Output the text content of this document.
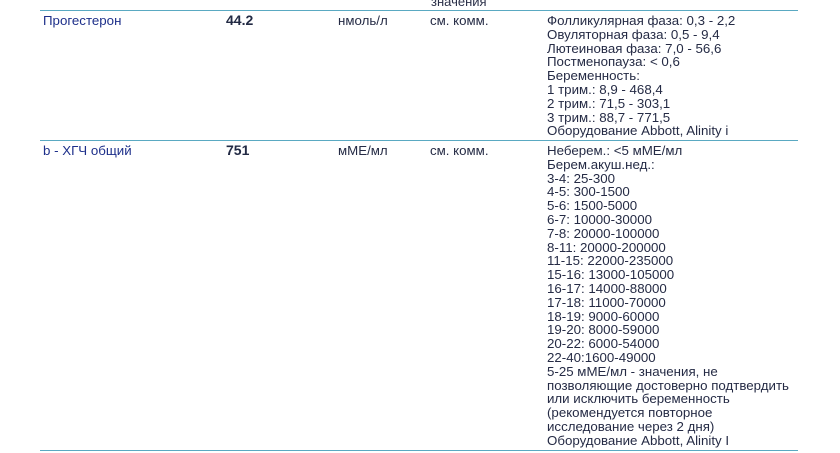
значения
Прогестерон	44.2	нмоль/л	см. комм.	Фолликулярная фаза: 0,3 - 2,2
Овуляторная фаза: 0,5 - 9,4
Лютеиновая фаза: 7,0 - 56,6
Постменопауза: < 0,6
Беременность:
1 трим.: 8,9 - 468,4
2 трим.: 71,5 - 303,1
3 трим.: 88,7 - 771,5
Оборудование Abbott, Alinity i
b - ХГЧ общий	751	мМЕ/мл	см. комм.	Неберем.: <5 мМЕ/мл
Берем.акуш.нед.:
3-4: 25-300
4-5: 300-1500
5-6: 1500-5000
6-7: 10000-30000
7-8: 20000-100000
8-11: 20000-200000
11-15: 22000-235000
15-16: 13000-105000
16-17: 14000-88000
17-18: 11000-70000
18-19: 9000-60000
19-20: 8000-59000
20-22: 6000-54000
22-40:1600-49000
5-25 мМЕ/мл - значения, не
позволяющие достоверно подтвердить
или исключить беременность
(рекомендуется повторное
исследование через 2 дня)
Оборудование Abbott, Alinity I
